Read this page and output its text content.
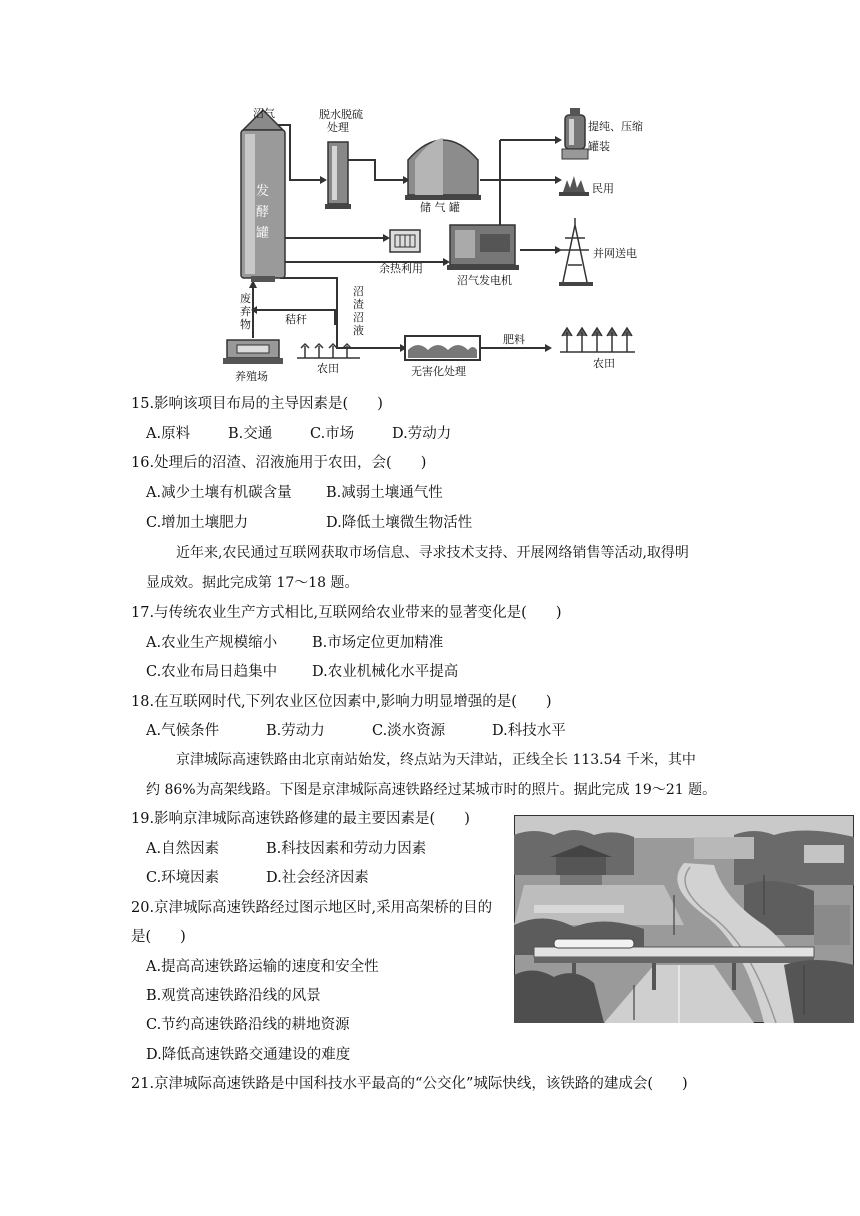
沼气	脱水脱硫
处理
发
酵
罐
储 气 罐
提纯、压缩
罐装
民用
并网送电
余热利用
沼气发电机
废
弃
物	秸秆
沼
渣
沼
液
养殖场
农田	无害化处理
肥料
农田
15.影响该项目布局的主导因素是(　　)
A.原料	B.交通	C.市场	D.劳动力
16.处理后的沼渣、沼液施用于农田，会(　　)
A.减少土壤有机碳含量 B.减弱土壤通气性
C.增加土壤肥力	D.降低土壤微生物活性
近年来,农民通过互联网获取市场信息、寻求技术支持、开展网络销售等活动,取得明
显成效。据此完成第 17～18 题。
17.与传统农业生产方式相比,互联网给农业带来的显著变化是(　　)
A.农业生产规模缩小 B.市场定位更加精准
C.农业布局日趋集中 D.农业机械化水平提高
18.在互联网时代,下列农业区位因素中,影响力明显增强的是(　　)
A.气候条件	B.劳动力	C.淡水资源	D.科技水平
京津城际高速铁路由北京南站始发，终点站为天津站，正线全长 113.54 千米，其中
约 86%为高架线路。下图是京津城际高速铁路经过某城市时的照片。据此完成 19～21 题。
19.影响京津城际高速铁路修建的最主要因素是(　　)
A.自然因素	B.科技因素和劳动力因素
C.环境因素	D.社会经济因素
20.京津城际高速铁路经过图示地区时,采用高架桥的目的
是(　　)
A.提高高速铁路运输的速度和安全性
B.观赏高速铁路沿线的风景
C.节约高速铁路沿线的耕地资源
D.降低高速铁路交通建设的难度
21.京津城际高速铁路是中国科技水平最高的“公交化”城际快线，该铁路的建成会(　　)
